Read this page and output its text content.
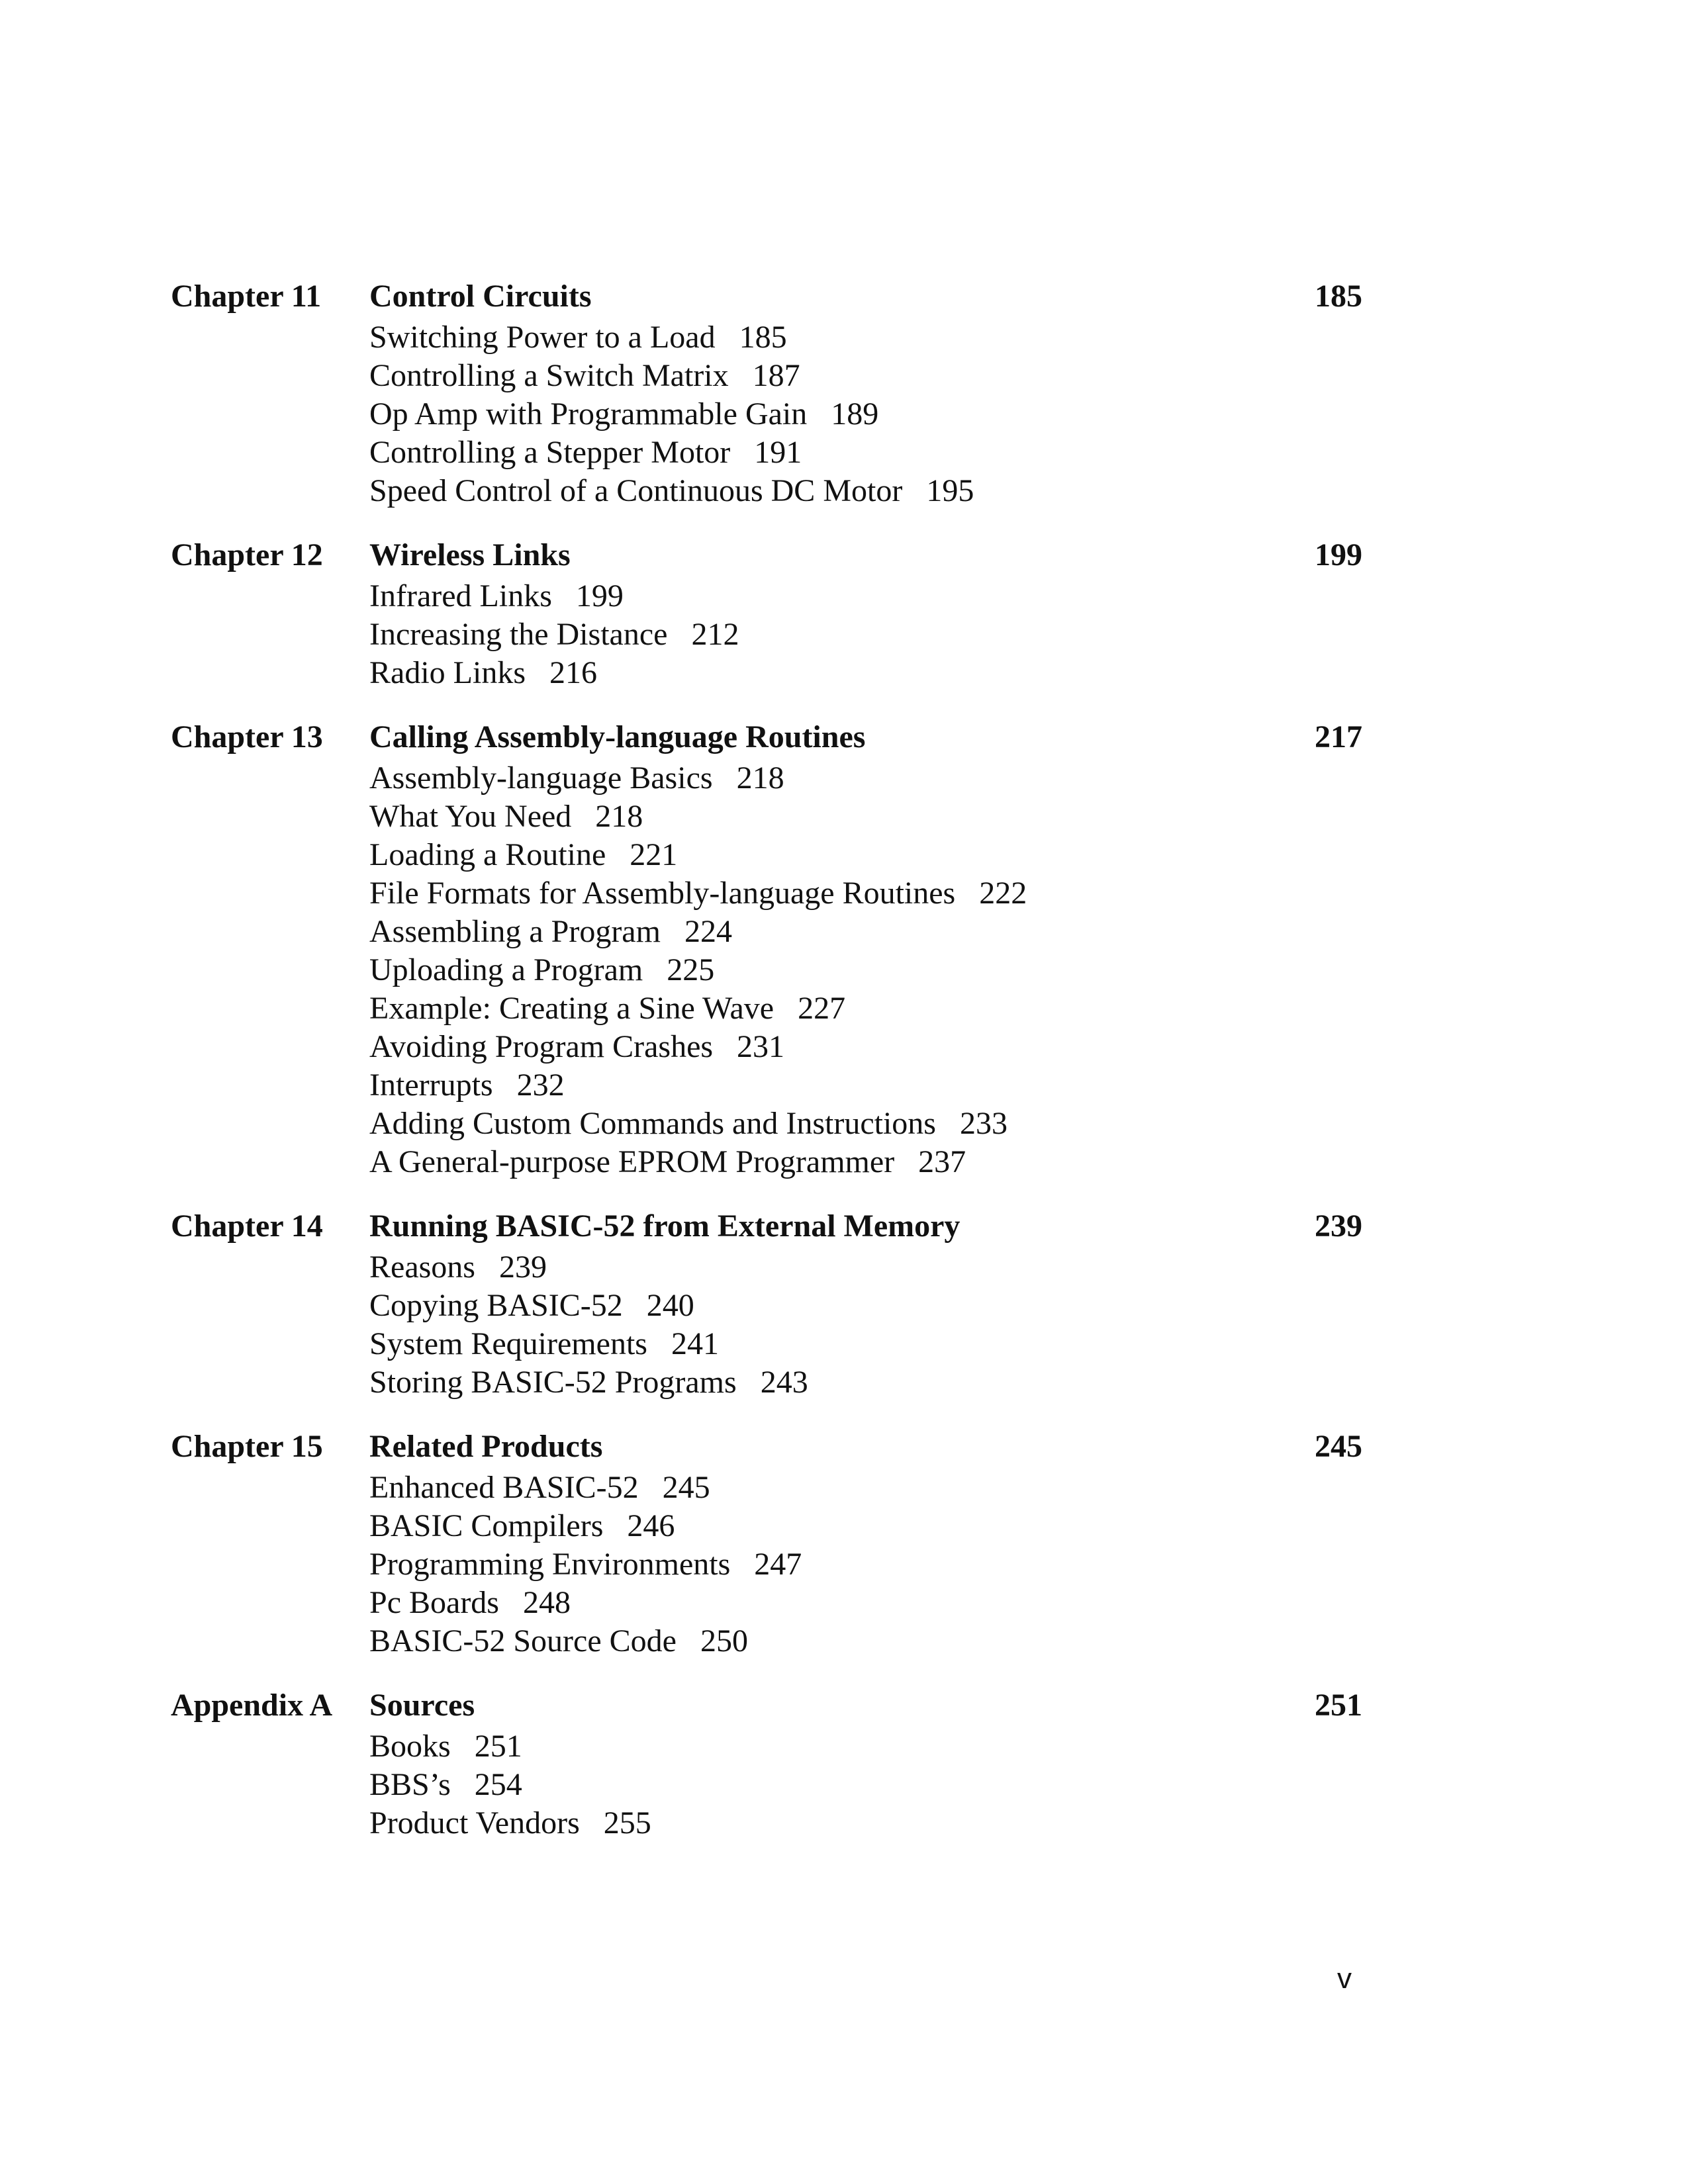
Chapter 11	Control Circuits	185
Switching Power to a Load 185
Controlling a Switch Matrix 187
Op Amp with Programmable Gain 189
Controlling a Stepper Motor 191
Speed Control of a Continuous DC Motor 195
Chapter 12	Wireless Links	199
Infrared Links 199
Increasing the Distance 212
Radio Links 216
Chapter 13	Calling Assembly-language Routines	217
Assembly-language Basics 218
What You Need 218
Loading a Routine 221
File Formats for Assembly-language Routines 222
Assembling a Program 224
Uploading a Program 225
Example: Creating a Sine Wave 227
Avoiding Program Crashes 231
Interrupts 232
Adding Custom Commands and Instructions 233
A General-purpose EPROM Programmer 237
Chapter 14	Running BASIC-52 from External Memory	239
Reasons 239
Copying BASIC-52 240
System Requirements 241
Storing BASIC-52 Programs 243
Chapter 15	Related Products	245
Enhanced BASIC-52 245
BASIC Compilers 246
Programming Environments 247
Pc Boards 248
BASIC-52 Source Code 250
Appendix A	Sources	251
Books 251
BBS’s 254
Product Vendors 255
v
